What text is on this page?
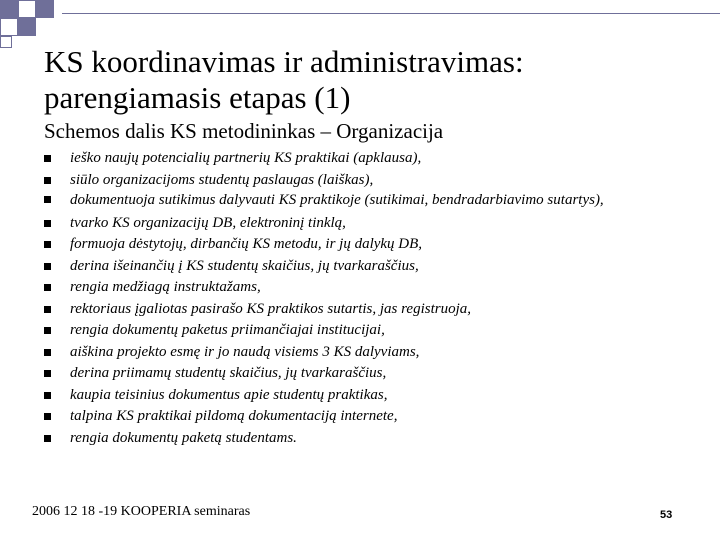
KS koordinavimas ir administravimas:
parengiamasis etapas (1)
Schemos dalis KS metodininkas – Organizacija
ieško naujų potencialių partnerių KS praktikai (apklausa),
siūlo organizacijoms studentų paslaugas (laiškas),
dokumentuoja sutikimus dalyvauti KS praktikoje (sutikimai, bendradarbiavimo sutartys),
tvarko KS organizacijų DB, elektroninį tinklą,
formuoja dėstytojų, dirbančių KS metodu, ir jų dalykų DB,
derina išeinančių į KS studentų skaičius, jų tvarkaraščius,
rengia medžiagą instruktažams,
rektoriaus įgaliotas pasirašo KS praktikos sutartis, jas registruoja,
rengia dokumentų paketus priimančiajai institucijai,
aiškina projekto esmę ir jo naudą visiems 3 KS dalyviams,
derina priimamų studentų skaičius, jų tvarkaraščius,
kaupia teisinius dokumentus apie studentų praktikas,
talpina KS praktikai pildomą dokumentaciją internete,
rengia dokumentų paketą studentams.
2006 12 18 -19 KOOPERIA seminaras	53
